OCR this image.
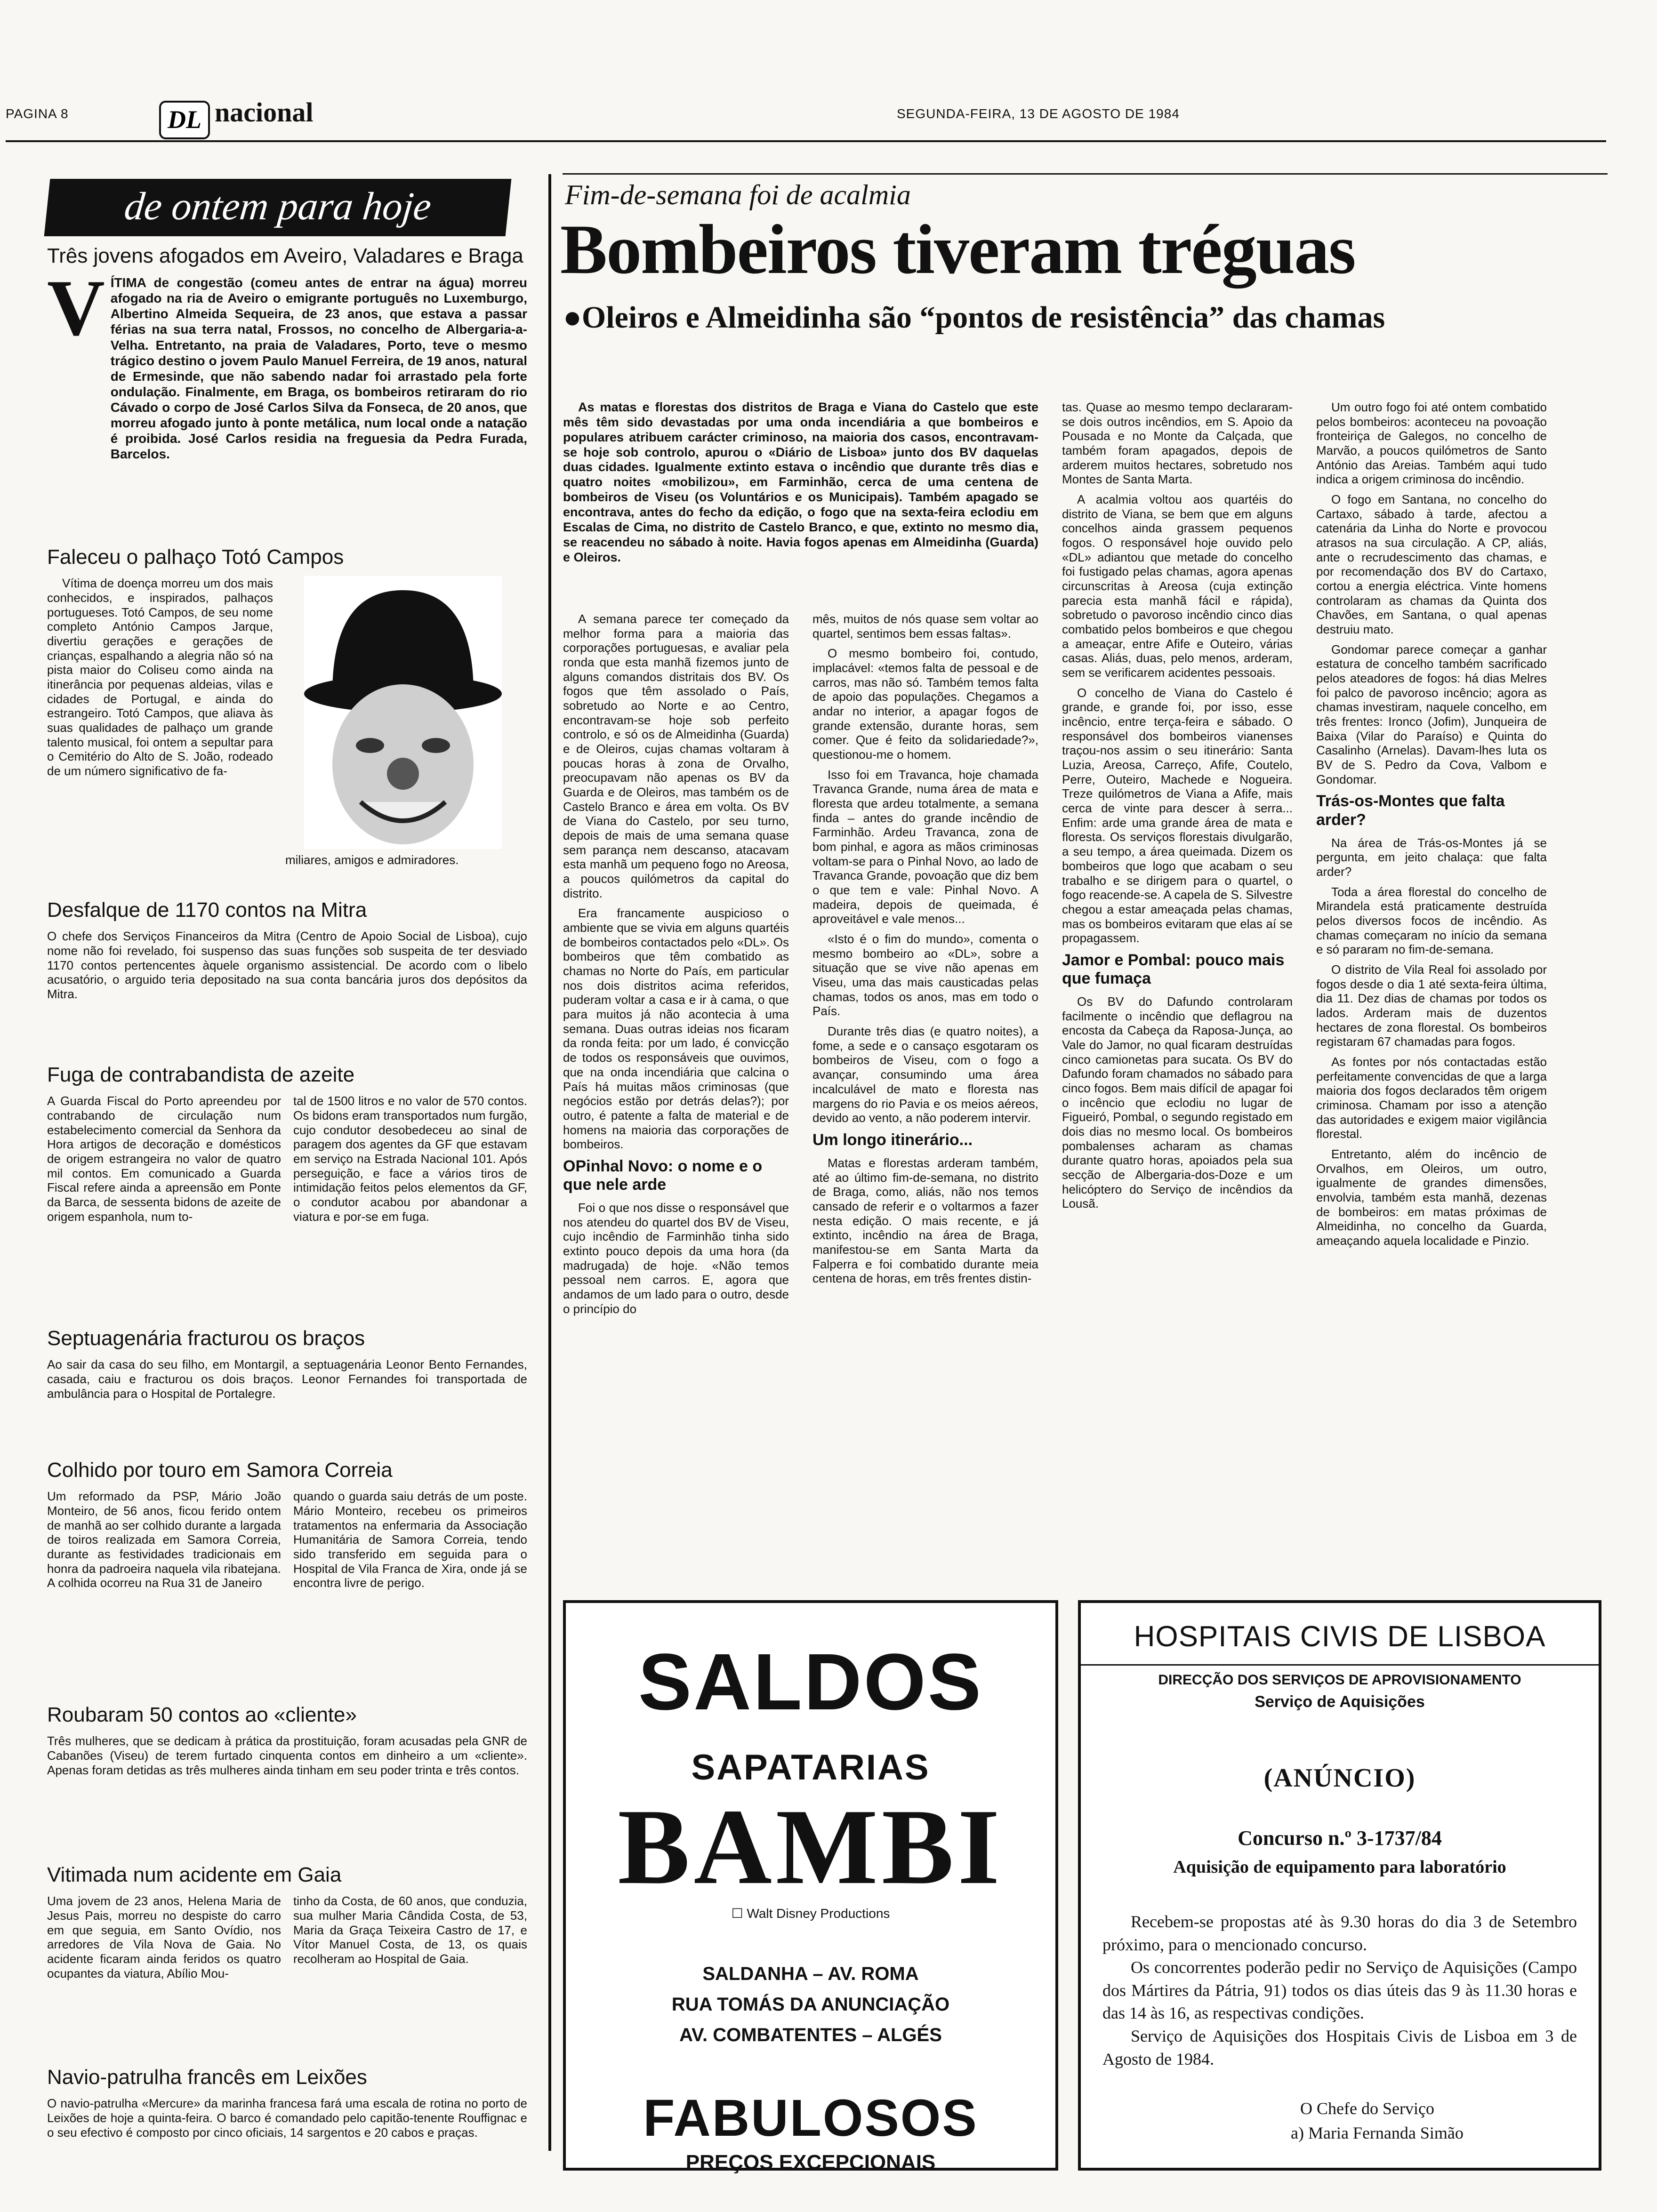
PAGINA 8	DL nacional	SEGUNDA-FEIRA, 13 DE AGOSTO DE 1984
de ontem para hoje
Três jovens afogados em Aveiro, Valadares e Braga
V ÍTIMA de congestão (comeu antes de entrar na água) morreu afogado na ria de Aveiro o emigrante português no Luxemburgo, Albertino Almeida Sequeira, de 23 anos, que estava a passar férias na sua terra natal, Frossos, no concelho de Albergaria-a-Velha. Entretanto, na praia de Valadares, Porto, teve o mesmo trágico destino o jovem Paulo Manuel Ferreira, de 19 anos, natural de Ermesinde, que não sabendo nadar foi arrastado pela forte ondulação. Finalmente, em Braga, os bombeiros retiraram do rio Cávado o corpo de José Carlos Silva da Fonseca, de 20 anos, que morreu afogado junto à ponte metálica, num local onde a natação é proibida. José Carlos residia na freguesia da Pedra Furada, Barcelos.
Faleceu o palhaço Totó Campos
Vítima de doença morreu um dos mais conhecidos, e inspirados, palhaços portugueses. Totó Campos, de seu nome completo António Campos Jarque, divertiu gerações e gerações de crianças, espalhando a alegria não só na pista maior do Coliseu como ainda na itinerância por pequenas aldeias, vilas e cidades de Portugal, e ainda do estrangeiro. Totó Campos, que aliava às suas qualidades de palhaço um grande talento musical, foi ontem a sepultar para o Cemitério do Alto de S. João, rodeado de um número significativo de fa-
miliares, amigos e admiradores.
Desfalque de 1170 contos na Mitra
O chefe dos Serviços Financeiros da Mitra (Centro de Apoio Social de Lisboa), cujo nome não foi revelado, foi suspenso das suas funções sob suspeita de ter desviado 1170 contos pertencentes àquele organismo assistencial. De acordo com o libelo acusatório, o arguido teria depositado na sua conta bancária juros dos depósitos da Mitra.
Fuga de contrabandista de azeite
A Guarda Fiscal do Porto apreendeu por contrabando de circulação num estabelecimento comercial da Senhora da Hora artigos de decoração e domésticos de origem estrangeira no valor de quatro mil contos. Em comunicado a Guarda Fiscal refere ainda a apreensão em Ponte da Barca, de sessenta bidons de azeite de origem espanhola, num to-
tal de 1500 litros e no valor de 570 contos. Os bidons eram transportados num furgão, cujo condutor desobedeceu ao sinal de paragem dos agentes da GF que estavam em serviço na Estrada Nacional 101. Após perseguição, e face a vários tiros de intimidação feitos pelos elementos da GF, o condutor acabou por abandonar a viatura e por-se em fuga.
Septuagenária fracturou os braços
Ao sair da casa do seu filho, em Montargil, a septuagenária Leonor Bento Fernandes, casada, caiu e fracturou os dois braços. Leonor Fernandes foi transportada de ambulância para o Hospital de Portalegre.
Colhido por touro em Samora Correia
Um reformado da PSP, Mário João Monteiro, de 56 anos, ficou ferido ontem de manhã ao ser colhido durante a largada de toiros realizada em Samora Correia, durante as festividades tradicionais em honra da padroeira naquela vila ribatejana. A colhida ocorreu na Rua 31 de Janeiro
quando o guarda saiu detrás de um poste. Mário Monteiro, recebeu os primeiros tratamentos na enfermaria da Associação Humanitária de Samora Correia, tendo sido transferido em seguida para o Hospital de Vila Franca de Xira, onde já se encontra livre de perigo.
Roubaram 50 contos ao «cliente»
Três mulheres, que se dedicam à prática da prostituição, foram acusadas pela GNR de Cabanões (Viseu) de terem furtado cinquenta contos em dinheiro a um «cliente». Apenas foram detidas as três mulheres ainda tinham em seu poder trinta e três contos.
Vitimada num acidente em Gaia
Uma jovem de 23 anos, Helena Maria de Jesus Pais, morreu no despiste do carro em que seguia, em Santo Ovídio, nos arredores de Vila Nova de Gaia. No acidente ficaram ainda feridos os quatro ocupantes da viatura, Abílio Mou-
tinho da Costa, de 60 anos, que conduzia, sua mulher Maria Cândida Costa, de 53, Maria da Graça Teixeira Castro de 17, e Vítor Manuel Costa, de 13, os quais recolheram ao Hospital de Gaia.
Navio-patrulha francês em Leixões
O navio-patrulha «Mercure» da marinha francesa fará uma escala de rotina no porto de Leixões de hoje a quinta-feira. O barco é comandado pelo capitão-tenente Rouffignac e o seu efectivo é composto por cinco oficiais, 14 sargentos e 20 cabos e praças.
Fim-de-semana foi de acalmia
Bombeiros tiveram tréguas
●Oleiros e Almeidinha são “pontos de resistência” das chamas
As matas e florestas dos distritos de Braga e Viana do Castelo que este mês têm sido devastadas por uma onda incendiária a que bombeiros e populares atribuem carácter criminoso, na maioria dos casos, encontravam-se hoje sob controlo, apurou o «Diário de Lisboa» junto dos BV daquelas duas cidades. Igualmente extinto estava o incêndio que durante três dias e quatro noites «mobilizou», em Farminhão, cerca de uma centena de bombeiros de Viseu (os Voluntários e os Municipais). Também apagado se encontrava, antes do fecho da edição, o fogo que na sexta-feira eclodiu em Escalas de Cima, no distrito de Castelo Branco, e que, extinto no mesmo dia, se reacendeu no sábado à noite. Havia fogos apenas em Almeidinha (Guarda) e Oleiros.

A semana parece ter começado da melhor forma para a maioria das corporações portuguesas, e avaliar pela ronda que esta manhã fizemos junto de alguns comandos distritais dos BV. Os fogos que têm assolado o País, sobretudo ao Norte e ao Centro, encontravam-se hoje sob perfeito controlo, e só os de Almeidinha (Guarda) e de Oleiros, cujas chamas voltaram à poucas horas à zona de Orvalho, preocupavam não apenas os BV da Guarda e de Oleiros, mas também os de Castelo Branco e área em volta. Os BV de Viana do Castelo, por seu turno, depois de mais de uma semana quase sem parança nem descanso, atacavam esta manhã um pequeno fogo no Areosa, a poucos quilómetros da capital do distrito.

Era francamente auspicioso o ambiente que se vivia em alguns quartéis de bombeiros contactados pelo «DL». Os bombeiros que têm combatido as chamas no Norte do País, em particular nos dois distritos acima referidos, puderam voltar a casa e ir à cama, o que para muitos já não acontecia à uma semana. Duas outras ideias nos ficaram da ronda feita: por um lado, é convicção de todos os responsáveis que ouvimos, que na onda incendiária que calcina o País há muitas mãos criminosas (que negócios estão por detrás delas?); por outro, é patente a falta de material e de homens na maioria das corporações de bombeiros.

OPinhal Novo: o nome e o que nele arde

Foi o que nos disse o responsável que nos atendeu do quartel dos BV de Viseu, cujo incêndio de Farminhão tinha sido extinto pouco depois da uma hora (da madrugada) de hoje. «Não temos pessoal nem carros. E, agora que andamos de um lado para o outro, desde o princípio do

mês, muitos de nós quase sem voltar ao quartel, sentimos bem essas faltas».

O mesmo bombeiro foi, contudo, implacável: «temos falta de pessoal e de carros, mas não só. Também temos falta de apoio das populações. Chegamos a andar no interior, a apagar fogos de grande extensão, durante horas, sem comer. Que é feito da solidariedade?», questionou-me o homem.

Isso foi em Travanca, hoje chamada Travanca Grande, numa área de mata e floresta que ardeu totalmente, a semana finda – antes do grande incêndio de Farminhão. Ardeu Travanca, zona de bom pinhal, e agora as mãos criminosas voltam-se para o Pinhal Novo, ao lado de Travanca Grande, povoação que diz bem o que tem e vale: Pinhal Novo. A madeira, depois de queimada, é aproveitável e vale menos...

«Isto é o fim do mundo», comenta o mesmo bombeiro ao «DL», sobre a situação que se vive não apenas em Viseu, uma das mais causticadas pelas chamas, todos os anos, mas em todo o País.

Durante três dias (e quatro noites), a fome, a sede e o cansaço esgotaram os bombeiros de Viseu, com o fogo a avançar, consumindo uma área incalculável de mato e floresta nas margens do rio Pavia e os meios aéreos, devido ao vento, a não poderem intervir.

Um longo itinerário...

Matas e florestas arderam também, até ao último fim-de-semana, no distrito de Braga, como, aliás, não nos temos cansado de referir e o voltarmos a fazer nesta edição. O mais recente, e já extinto, incêndio na área de Braga, manifestou-se em Santa Marta da Falperra e foi combatido durante meia centena de horas, em três frentes distin-

tas. Quase ao mesmo tempo declararam-se dois outros incêndios, em S. Apoio da Pousada e no Monte da Calçada, que também foram apagados, depois de arderem muitos hectares, sobretudo nos Montes de Santa Marta.

A acalmia voltou aos quartéis do distrito de Viana, se bem que em alguns concelhos ainda grassem pequenos fogos. O responsável hoje ouvido pelo «DL» adiantou que metade do concelho foi fustigado pelas chamas, agora apenas circunscritas à Areosa (cuja extinção parecia esta manhã fácil e rápida), sobretudo o pavoroso incêndio cinco dias combatido pelos bombeiros e que chegou a ameaçar, entre Afife e Outeiro, várias casas. Aliás, duas, pelo menos, arderam, sem se verificarem acidentes pessoais.

O concelho de Viana do Castelo é grande, e grande foi, por isso, esse incêncio, entre terça-feira e sábado. O responsável dos bombeiros vianenses traçou-nos assim o seu itinerário: Santa Luzia, Areosa, Carreço, Afife, Coutelo, Perre, Outeiro, Machede e Nogueira. Treze quilómetros de Viana a Afife, mais cerca de vinte para descer à serra... Enfim: arde uma grande área de mata e floresta. Os serviços florestais divulgarão, a seu tempo, a área queimada. Dizem os bombeiros que logo que acabam o seu trabalho e se dirigem para o quartel, o fogo reacende-se. A capela de S. Silvestre chegou a estar ameaçada pelas chamas, mas os bombeiros evitaram que elas aí se propagassem.

Jamor e Pombal: pouco mais que fumaça

Os BV do Dafundo controlaram facilmente o incêndio que deflagrou na encosta da Cabeça da Raposa-Junça, ao Vale do Jamor, no qual ficaram destruídas cinco camionetas para sucata. Os BV do Dafundo foram chamados no sábado para cinco fogos. Bem mais difícil de apagar foi o incêncio que eclodiu no lugar de Figueiró, Pombal, o segundo registado em dois dias no mesmo local. Os bombeiros pombalenses acharam as chamas durante quatro horas, apoiados pela sua secção de Albergaria-dos-Doze e um helicóptero do Serviço de incêndios da Lousã.

Um outro fogo foi até ontem combatido pelos bombeiros: aconteceu na povoação fronteiriça de Galegos, no concelho de Marvão, a poucos quilómetros de Santo António das Areias. Também aqui tudo indica a origem criminosa do incêndio.

O fogo em Santana, no concelho do Cartaxo, sábado à tarde, afectou a catenária da Linha do Norte e provocou atrasos na sua circulação. A CP, aliás, ante o recrudescimento das chamas, e por recomendação dos BV do Cartaxo, cortou a energia eléctrica. Vinte homens controlaram as chamas da Quinta dos Chavões, em Santana, o qual apenas destruiu mato.

Gondomar parece começar a ganhar estatura de concelho também sacrificado pelos ateadores de fogos: há dias Melres foi palco de pavoroso incêncio; agora as chamas investiram, naquele concelho, em três frentes: Ironco (Jofim), Junqueira de Baixa (Vilar do Paraíso) e Quinta do Casalinho (Arnelas). Davam-lhes luta os BV de S. Pedro da Cova, Valbom e Gondomar.

Trás-os-Montes que falta arder?

Na área de Trás-os-Montes já se pergunta, em jeito chalaça: que falta arder?

Toda a área florestal do concelho de Mirandela está praticamente destruída pelos diversos focos de incêndio. As chamas começaram no início da semana e só pararam no fim-de-semana.

O distrito de Vila Real foi assolado por fogos desde o dia 1 até sexta-feira última, dia 11. Dez dias de chamas por todos os lados. Arderam mais de duzentos hectares de zona florestal. Os bombeiros registaram 67 chamadas para fogos.

As fontes por nós contactadas estão perfeitamente convencidas de que a larga maioria dos fogos declarados têm origem criminosa. Chamam por isso a atenção das autoridades e exigem maior vigilância florestal.

Entretanto, além do incêncio de Orvalhos, em Oleiros, um outro, igualmente de grandes dimensões, envolvia, também esta manhã, dezenas de bombeiros: em matas próximas de Almeidinha, no concelho da Guarda, ameaçando aquela localidade e Pinzio.

SALDOS
SAPATARIAS
BAMBI
☐ Walt Disney Productions
SALDANHA – AV. ROMA
RUA TOMÁS DA ANUNCIAÇÃO
AV. COMBATENTES – ALGÉS
FABULOSOS
PREÇOS EXCEPCIONAIS
HOSPITAIS CIVIS DE LISBOA
DIRECÇÃO DOS SERVIÇOS DE APROVISIONAMENTO
Serviço de Aquisições
(ANÚNCIO)
Concurso n.º 3-1737/84
Aquisição de equipamento para laboratório

Recebem-se propostas até às 9.30 horas do dia 3 de Setembro próximo, para o mencionado concurso.

Os concorrentes poderão pedir no Serviço de Aquisições (Campo dos Mártires da Pátria, 91) todos os dias úteis das 9 às 11.30 horas e das 14 às 16, as respectivas condições.

Serviço de Aquisições dos Hospitais Civis de Lisboa em 3 de Agosto de 1984.

O Chefe do Serviço
a) Maria Fernanda Simão
